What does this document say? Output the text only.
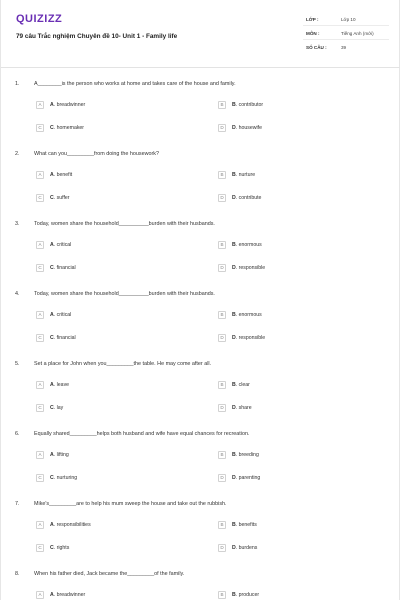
QUIZIZZ
79 câu Trắc nghiệm Chuyên đề 10- Unit 1 - Family life
LỚP :	Lớp 10
MÔN :	Tiếng Anh (mới)
SỐ CÂU :	39
1.	A________is the person who works at home and takes care of the house and family.
A	A. breadwinner	B	B. contributor
C	C. homemaker	D	D. housewife
2.	What can you_________from doing the housework?
A	A. benefit	B	B. nurture
C	C. suffer	D	D. contribute
3.	Today, women share the household__________burden with their husbands.
A	A. critical	B	B. enormous
C	C. financial	D	D. responsible
4.	Today, women share the household__________burden with their husbands.
A	A. critical	B	B. enormous
C	C. financial	D	D. responsible
5.	Set a place for John when you_________the table. He may come after all.
A	A. leave	B	B. clear
C	C. lay	D	D. share
6.	Equally shared_________helps both husband and wife have equal chances for recreation.
A	A. lifting	B	B. breeding
C	C. nurturing	D	D. parenting
7.	Mike's_________are to help his mum sweep the house and take out the rubbish.
A	A. responsibilities	B	B. benefits
C	C. rights	D	D. burdens
8.	When his father died, Jack became the_________of the family.
A	A. breadwinner	B	B. producer
